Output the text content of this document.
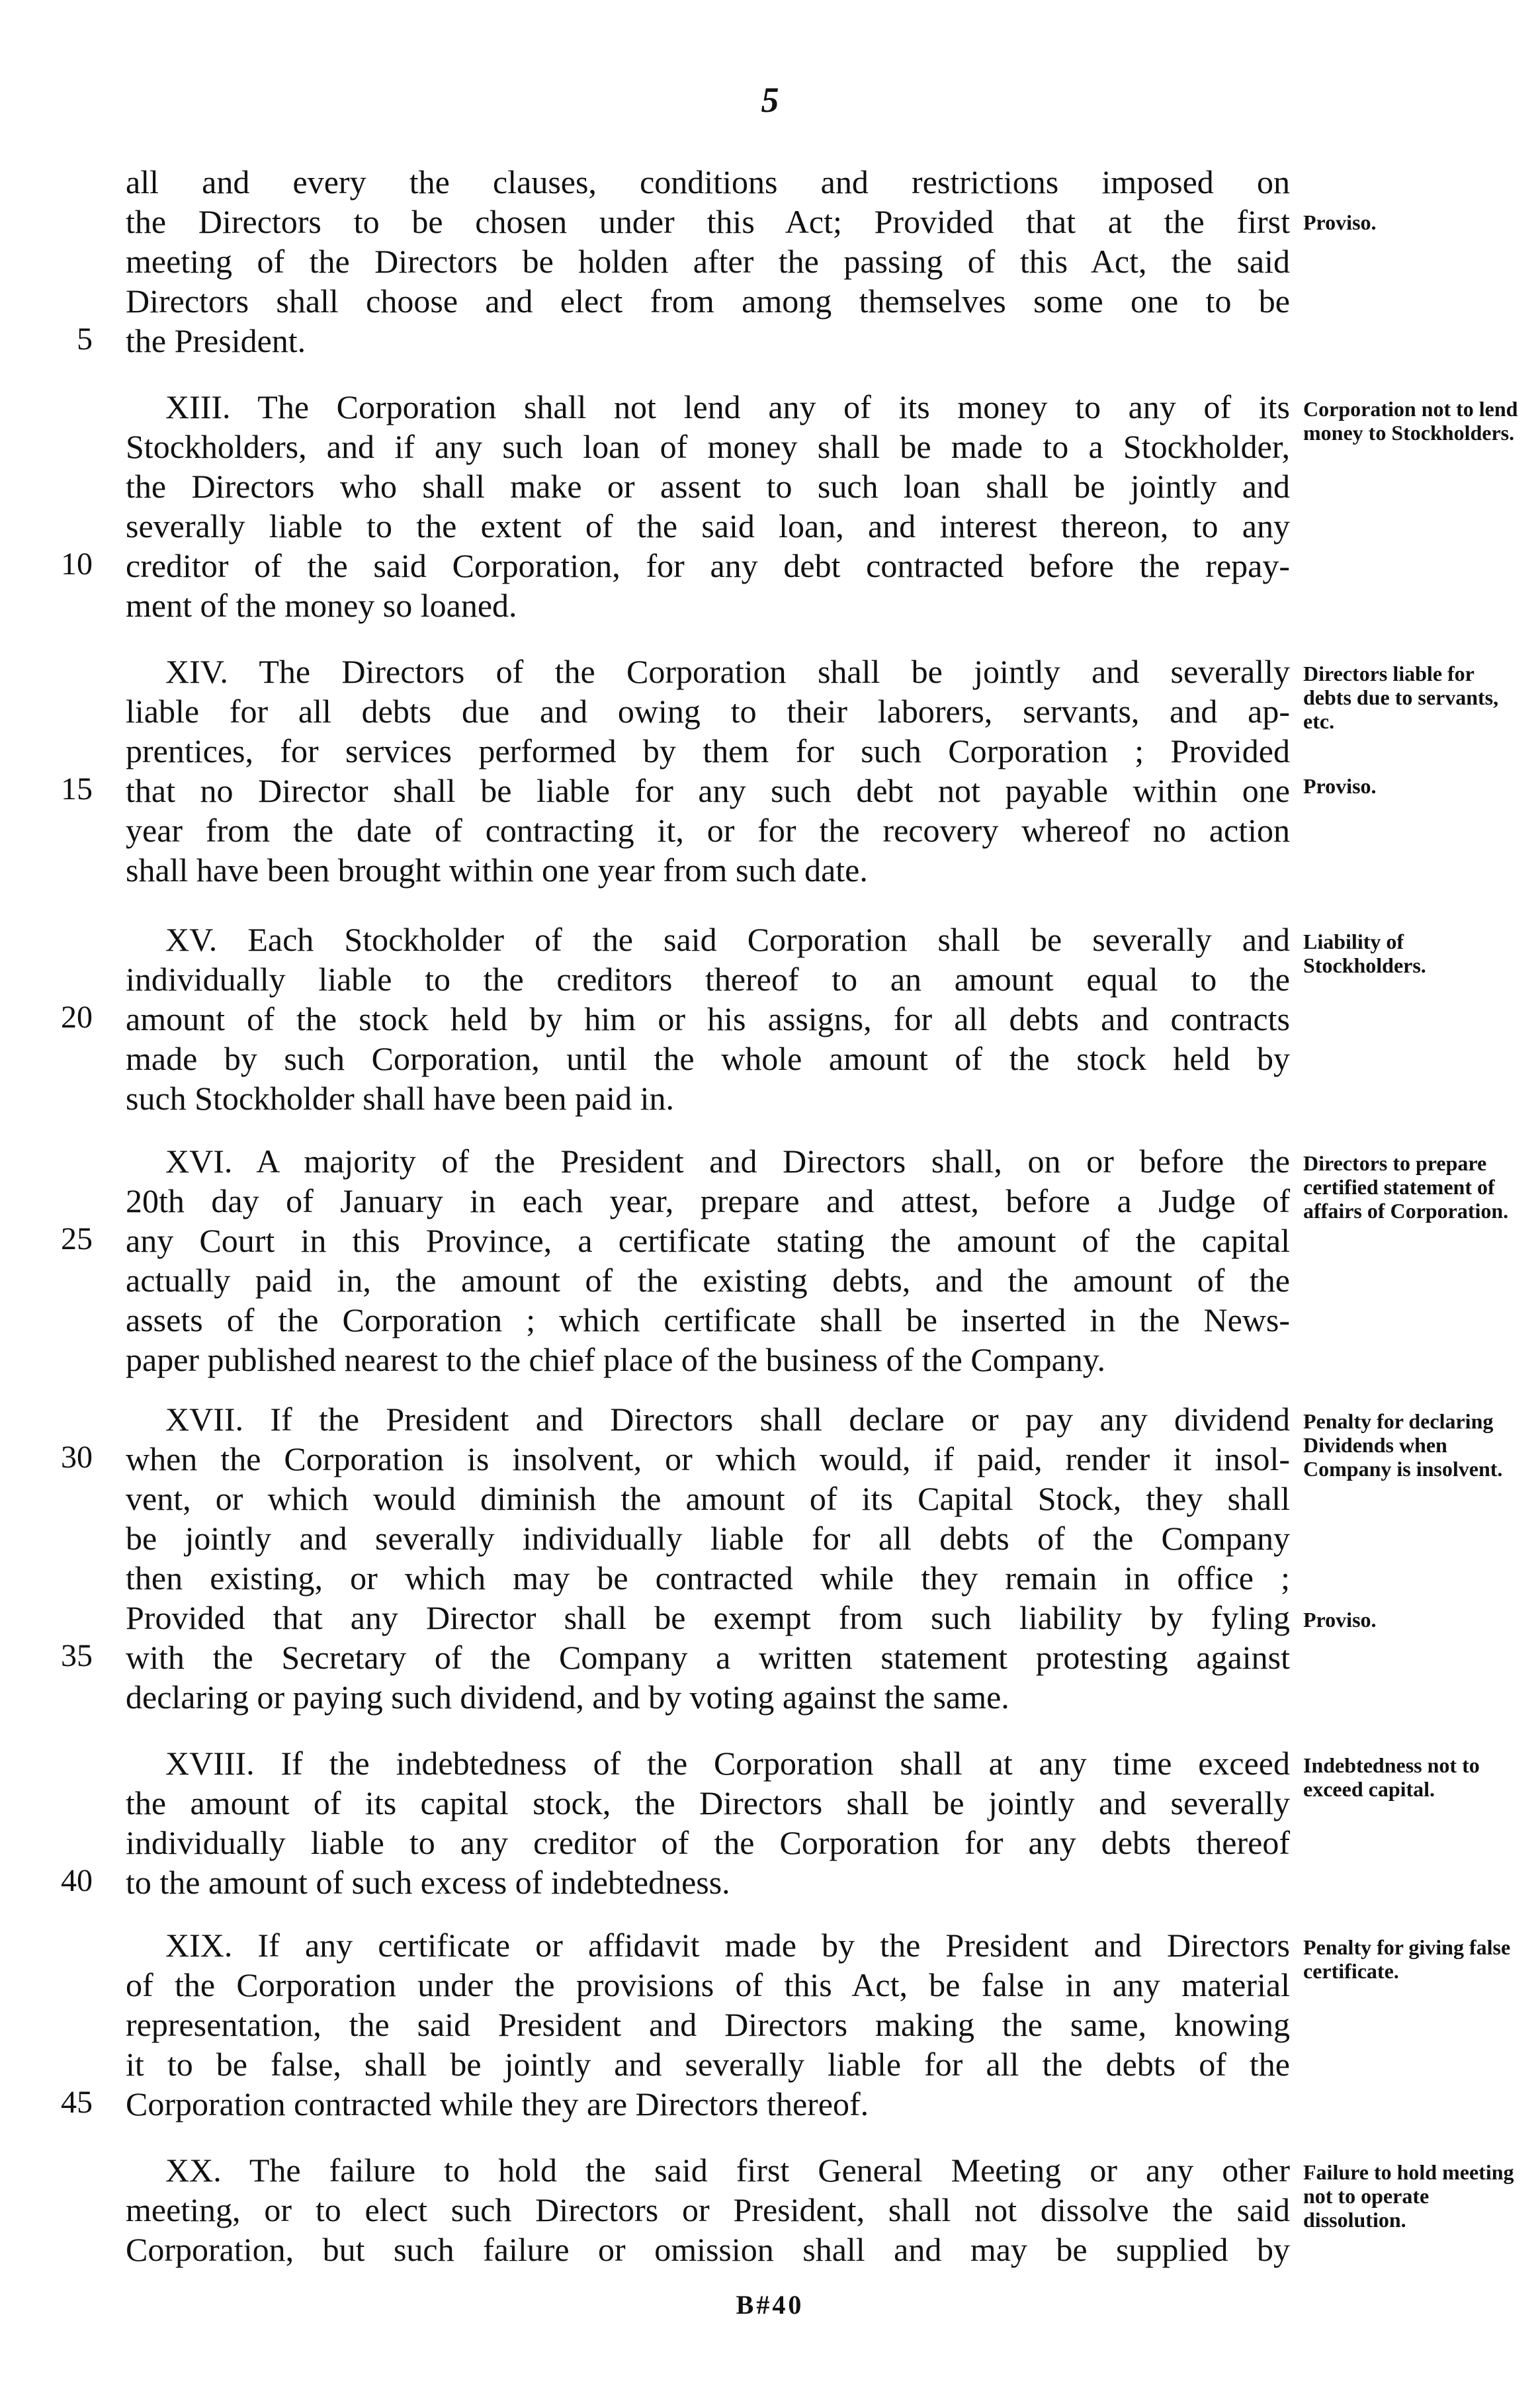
5
all and every the clauses, conditions and restrictions imposed on
the Directors to be chosen under this Act; Provided that at the first
meeting of the Directors be holden after the passing of this Act, the said
Directors shall choose and elect from among themselves some one to be
the President.
5
Proviso.
XIII. The Corporation shall not lend any of its money to any of its
Stockholders, and if any such loan of money shall be made to a Stockholder,
the Directors who shall make or assent to such loan shall be jointly and
severally liable to the extent of the said loan, and interest thereon, to any
creditor of the said Corporation, for any debt contracted before the repay-
ment of the money so loaned.
10
Corporation not to lend money to Stockholders.
XIV. The Directors of the Corporation shall be jointly and severally
liable for all debts due and owing to their laborers, servants, and ap-
prentices, for services performed by them for such Corporation ; Provided
that no Director shall be liable for any such debt not payable within one
year from the date of contracting it, or for the recovery whereof no action
shall have been brought within one year from such date.
15
Directors liable for debts due to servants, etc.
Proviso.
XV. Each Stockholder of the said Corporation shall be severally and
individually liable to the creditors thereof to an amount equal to the
amount of the stock held by him or his assigns, for all debts and contracts
made by such Corporation, until the whole amount of the stock held by
such Stockholder shall have been paid in.
20
Liability of Stockholders.
XVI. A majority of the President and Directors shall, on or before the
20th day of January in each year, prepare and attest, before a Judge of
any Court in this Province, a certificate stating the amount of the capital
actually paid in, the amount of the existing debts, and the amount of the
assets of the Corporation ; which certificate shall be inserted in the News-
paper published nearest to the chief place of the business of the Company.
25
Directors to prepare certified statement of affairs of Corporation.
XVII. If the President and Directors shall declare or pay any dividend
when the Corporation is insolvent, or which would, if paid, render it insol-
vent, or which would diminish the amount of its Capital Stock, they shall
be jointly and severally individually liable for all debts of the Company
then existing, or which may be contracted while they remain in office ;
Provided that any Director shall be exempt from such liability by fyling
with the Secretary of the Company a written statement protesting against
declaring or paying such dividend, and by voting against the same.
30
35
Penalty for declaring Dividends when Company is insolvent.
Proviso.
XVIII. If the indebtedness of the Corporation shall at any time exceed
the amount of its capital stock, the Directors shall be jointly and severally
individually liable to any creditor of the Corporation for any debts thereof
to the amount of such excess of indebtedness.
40
Indebtedness not to exceed capital.
XIX. If any certificate or affidavit made by the President and Directors
of the Corporation under the provisions of this Act, be false in any material
representation, the said President and Directors making the same, knowing
it to be false, shall be jointly and severally liable for all the debts of the
Corporation contracted while they are Directors thereof.
45
Penalty for giving false certificate.
XX. The failure to hold the said first General Meeting or any other
meeting, or to elect such Directors or President, shall not dissolve the said
Corporation, but such failure or omission shall and may be supplied by
Failure to hold meeting not to operate dissolution.
B#40
